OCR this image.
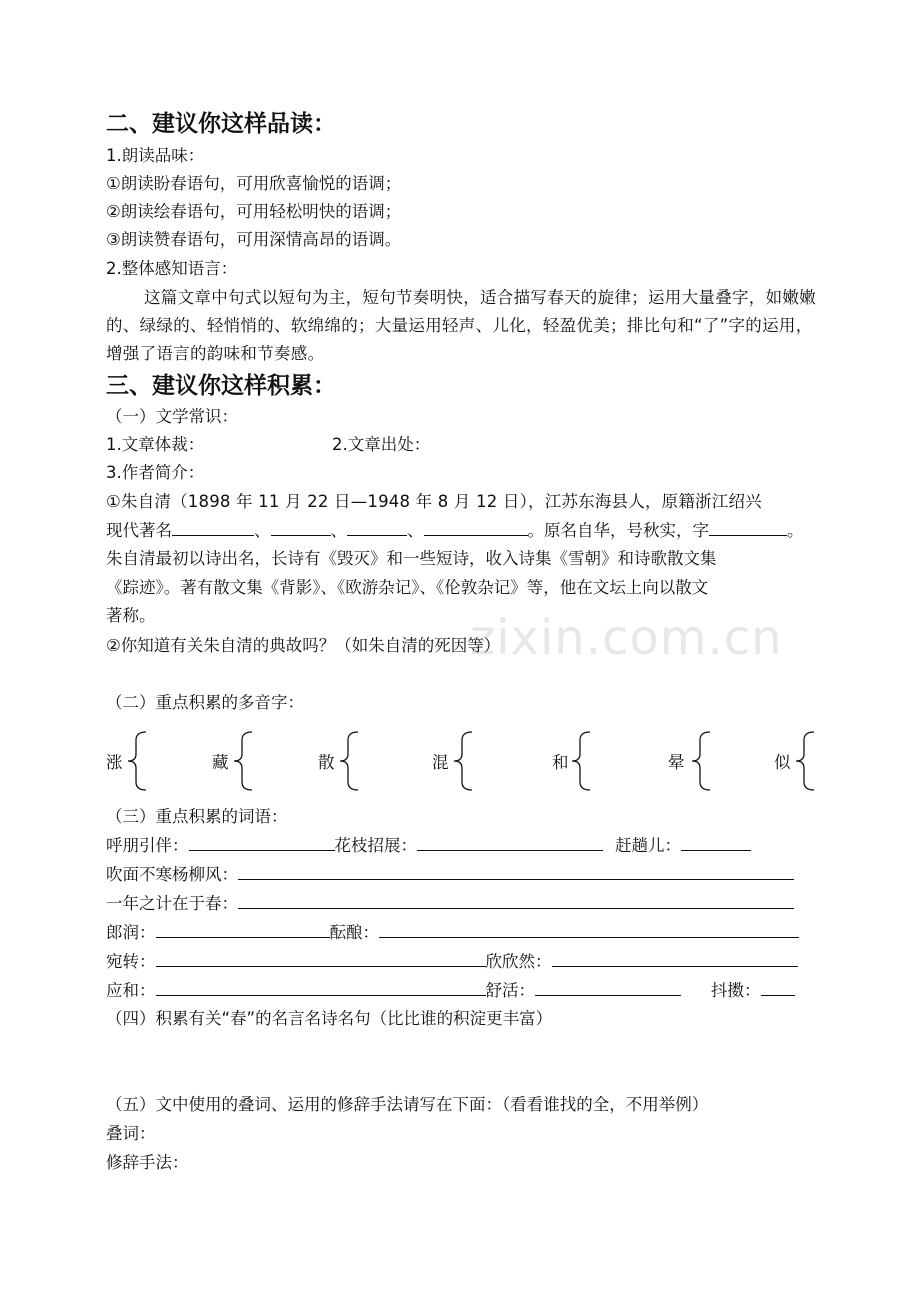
zixin.com.cn
二、建议你这样品读：
1.朗读品味：
①朗读盼春语句，可用欣喜愉悦的语调；
②朗读绘春语句，可用轻松明快的语调；
③朗读赞春语句，可用深情高昂的语调。
2.整体感知语言：
这篇文章中句式以短句为主，短句节奏明快，适合描写春天的旋律；运用大量叠字，如嫩嫩的、绿绿的、轻悄悄的、软绵绵的；大量运用轻声、儿化，轻盈优美；排比句和“了”字的运用，增强了语言的韵味和节奏感。
三、建议你这样积累：
（一）文学常识：
1.文章体裁：	2.文章出处：
3.作者简介：
①朱自清（1898 年 11 月 22 日—1948 年 8 月 12 日），江苏东海县人，原籍浙江绍兴
现代著名	、	、	、	。原名自华，号秋实，字	。
朱自清最初以诗出名，长诗有《毁灭》和一些短诗，收入诗集《雪朝》和诗歌散文集
《踪迹》。著有散文集《背影》、《欧游杂记》、《伦敦杂记》等，他在文坛上向以散文
著称。
②你知道有关朱自清的典故吗？（如朱自清的死因等）
（二）重点积累的多音字：
涨	藏	散	混	和	晕	似
（三）重点积累的词语：
呼朋引伴：	花枝招展：	赶趟儿：
吹面不寒杨柳风：
一年之计在于春：
郎润：	酝酿：
宛转：	欣欣然：
应和：	舒活：	抖擞：
（四）积累有关“春”的名言名诗名句（比比谁的积淀更丰富）
（五）文中使用的叠词、运用的修辞手法请写在下面：（看看谁找的全，不用举例）
叠词：
修辞手法：
